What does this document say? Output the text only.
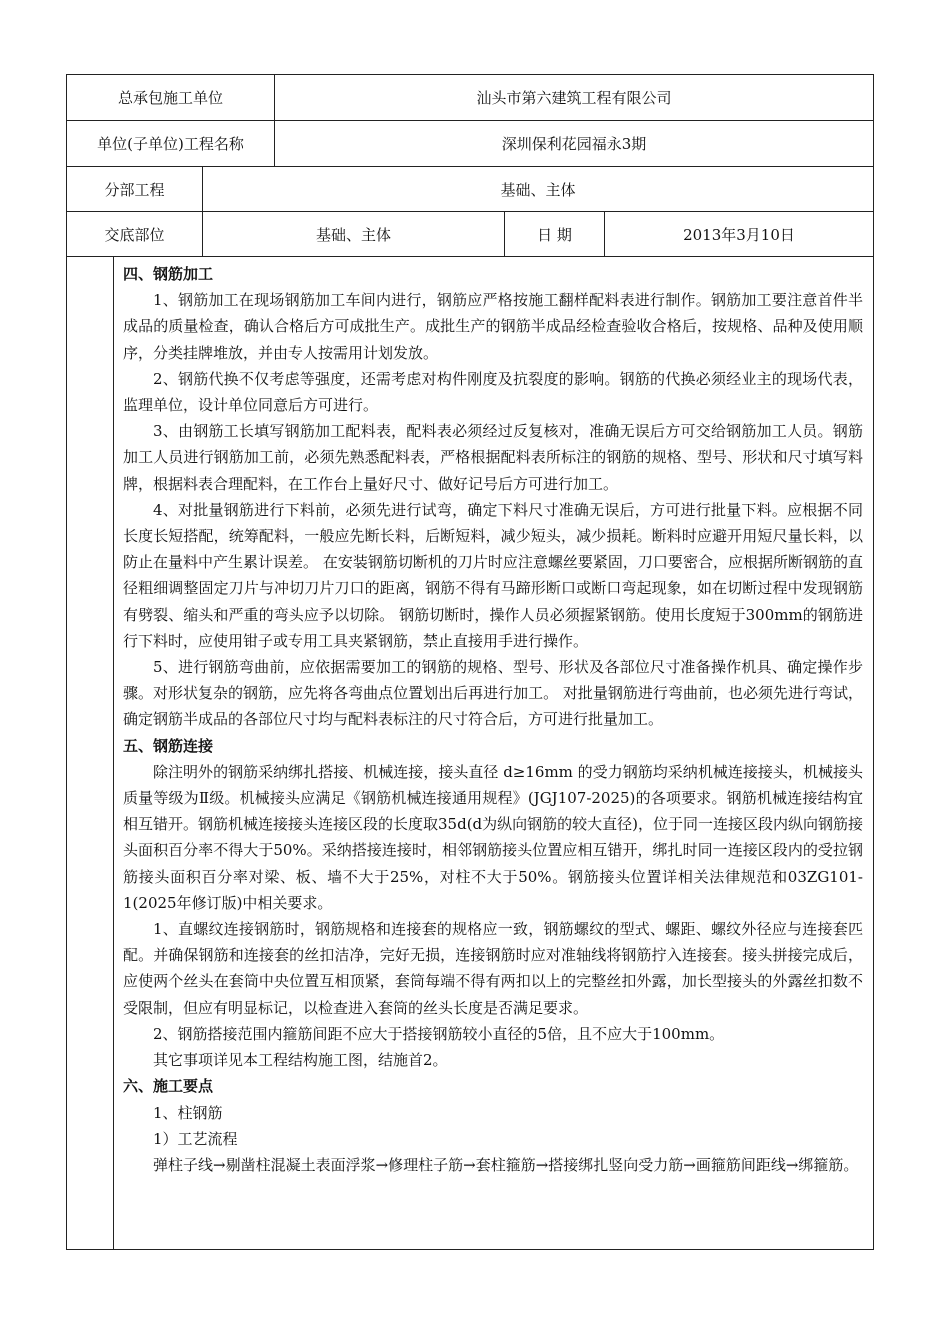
总承包施工单位	汕头市第六建筑工程有限公司
单位(子单位)工程名称	深圳保利花园福永3期
分部工程	基础、主体
交底部位	基础、主体	日 期	2013年3月10日

四、钢筋加工

1、钢筋加工在现场钢筋加工车间内进行，钢筋应严格按施工翻样配料表进行制作。钢筋加工要注意首件半成品的质量检查，确认合格后方可成批生产。成批生产的钢筋半成品经检查验收合格后，按规格、品种及使用顺序，分类挂牌堆放，并由专人按需用计划发放。

2、钢筋代换不仅考虑等强度，还需考虑对构件刚度及抗裂度的影响。钢筋的代换必须经业主的现场代表，监理单位，设计单位同意后方可进行。

3、由钢筋工长填写钢筋加工配料表，配料表必须经过反复核对，准确无误后方可交给钢筋加工人员。钢筋加工人员进行钢筋加工前，必须先熟悉配料表，严格根据配料表所标注的钢筋的规格、型号、形状和尺寸填写料牌，根据料表合理配料，在工作台上量好尺寸、做好记号后方可进行加工。

4、对批量钢筋进行下料前，必须先进行试弯，确定下料尺寸准确无误后，方可进行批量下料。应根据不同长度长短搭配，统筹配料，一般应先断长料，后断短料，减少短头，减少损耗。断料时应避开用短尺量长料，以防止在量料中产生累计误差。 在安装钢筋切断机的刀片时应注意螺丝要紧固，刀口要密合，应根据所断钢筋的直径粗细调整固定刀片与冲切刀片刀口的距离，钢筋不得有马蹄形断口或断口弯起现象，如在切断过程中发现钢筋有劈裂、缩头和严重的弯头应予以切除。 钢筋切断时，操作人员必须握紧钢筋。使用长度短于300mm的钢筋进行下料时，应使用钳子或专用工具夹紧钢筋，禁止直接用手进行操作。

5、进行钢筋弯曲前，应依据需要加工的钢筋的规格、型号、形状及各部位尺寸准备操作机具、确定操作步骤。对形状复杂的钢筋，应先将各弯曲点位置划出后再进行加工。 对批量钢筋进行弯曲前，也必须先进行弯试，确定钢筋半成品的各部位尺寸均与配料表标注的尺寸符合后，方可进行批量加工。

五、钢筋连接

除注明外的钢筋采纳绑扎搭接、机械连接，接头直径 d≥16mm 的受力钢筋均采纳机械连接接头，机械接头质量等级为Ⅱ级。机械接头应满足《钢筋机械连接通用规程》(JGJ107-2025)的各项要求。钢筋机械连接结构宜相互错开。钢筋机械连接接头连接区段的长度取35d(d为纵向钢筋的较大直径)，位于同一连接区段内纵向钢筋接头面积百分率不得大于50%。采纳搭接连接时，相邻钢筋接头位置应相互错开，绑扎时同一连接区段内的受拉钢筋接头面积百分率对梁、板、墙不大于25%，对柱不大于50%。钢筋接头位置详相关法律规范和03ZG101-1(2025年修订版)中相关要求。

1、直螺纹连接钢筋时，钢筋规格和连接套的规格应一致，钢筋螺纹的型式、螺距、螺纹外径应与连接套匹配。并确保钢筋和连接套的丝扣洁净，完好无损，连接钢筋时应对准轴线将钢筋拧入连接套。接头拼接完成后，应使两个丝头在套筒中央位置互相顶紧，套筒每端不得有两扣以上的完整丝扣外露，加长型接头的外露丝扣数不受限制，但应有明显标记，以检查进入套筒的丝头长度是否满足要求。

2、钢筋搭接范围内箍筋间距不应大于搭接钢筋较小直径的5倍，且不应大于100mm。

其它事项详见本工程结构施工图，结施首2。

六、施工要点

1、柱钢筋

1）工艺流程

弹柱子线→剔凿柱混凝土表面浮浆→修理柱子筋→套柱箍筋→搭接绑扎竖向受力筋→画箍筋间距线→绑箍筋。
